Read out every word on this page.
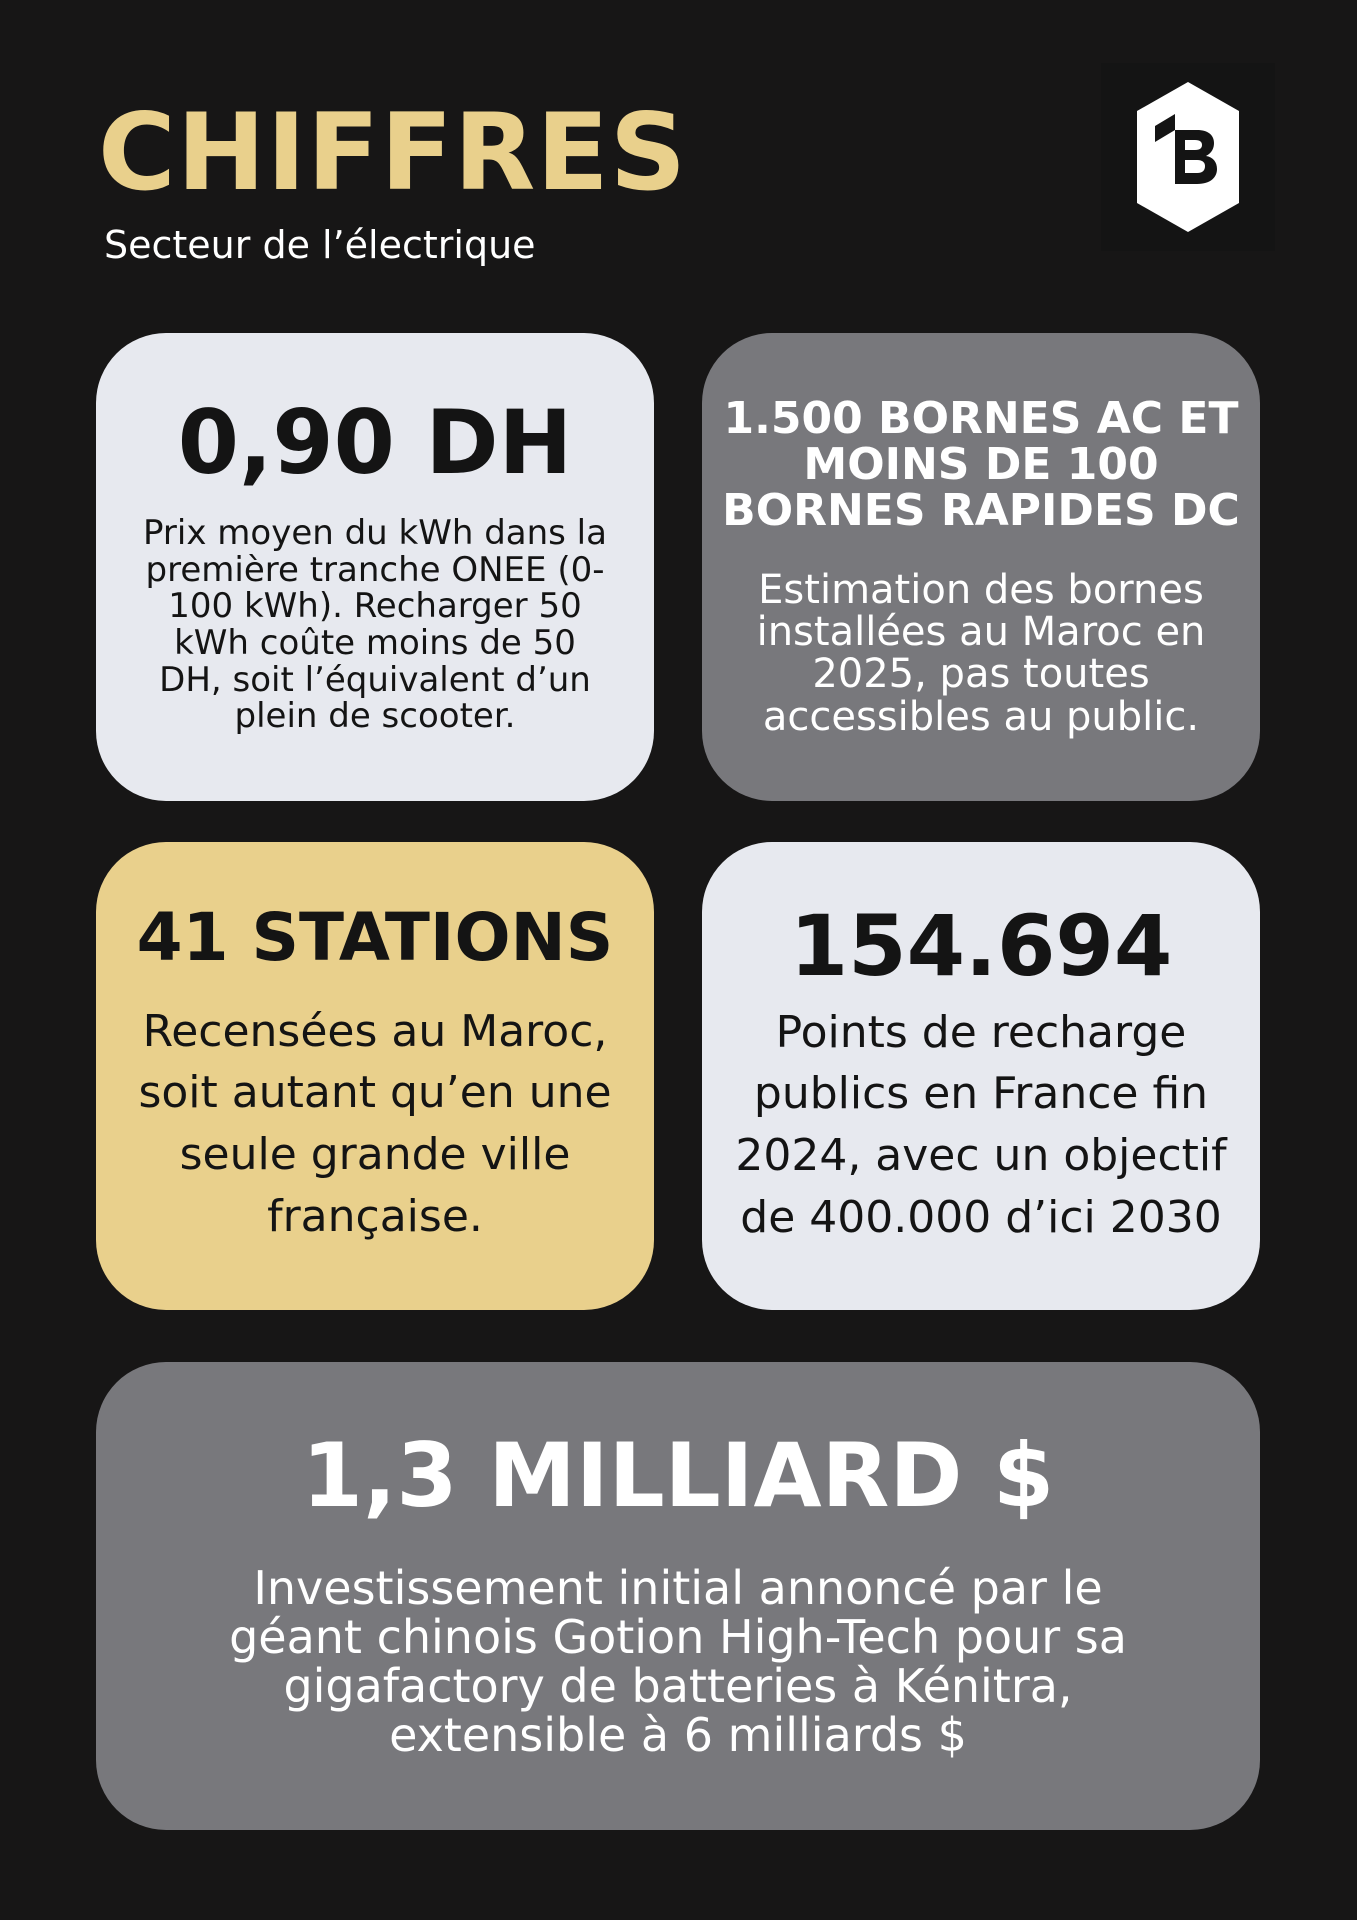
CHIFFRES
Secteur de l’électrique
0,90 DH

Prix moyen du kWh dans la première tranche ONEE (0-100 kWh). Recharger 50 kWh coûte moins de 50 DH, soit l’équivalent d’un plein de scooter.

1.500 BORNES AC ET MOINS DE 100 BORNES RAPIDES DC

Estimation des bornes installées au Maroc en 2025, pas toutes accessibles au public.

41 STATIONS

Recensées au Maroc, soit autant qu’en une seule grande ville française.

154.694

Points de recharge publics en France fin 2024, avec un objectif de 400.000 d’ici 2030

1,3 MILLIARD $

Investissement initial annoncé par le géant chinois Gotion High-Tech pour sa gigafactory de batteries à Kénitra, extensible à 6 milliards $
